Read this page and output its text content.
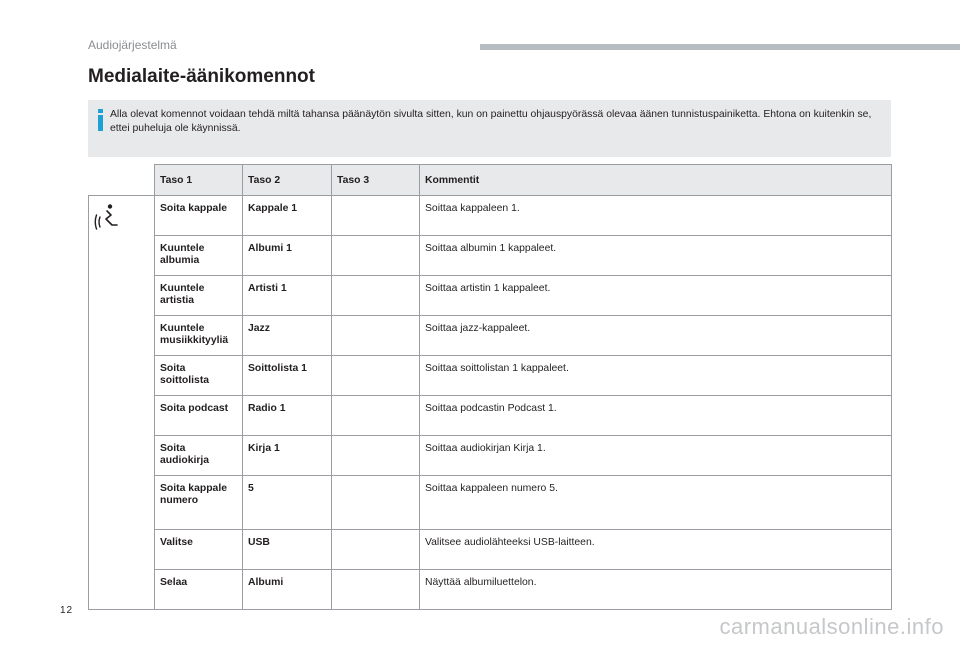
Audiojärjestelmä
Medialaite-äänikomennot
Alla olevat komennot voidaan tehdä miltä tahansa päänäytön sivulta sitten, kun on painettu ohjauspyörässä olevaa äänen tunnistuspainiketta. Ehtona on kuitenkin se, ettei puheluja ole käynnissä.
	Taso 1	Taso 2	Taso 3	Kommentit
	Soita kappale	Kappale 1		Soittaa kappaleen 1.
	Kuuntele albumia	Albumi 1		Soittaa albumin 1 kappaleet.
	Kuuntele artistia	Artisti 1		Soittaa artistin 1 kappaleet.
	Kuuntele musiikkityyliä	Jazz		Soittaa jazz-kappaleet.
	Soita soittolista	Soittolista 1		Soittaa soittolistan 1 kappaleet.
	Soita podcast	Radio 1		Soittaa podcastin Podcast 1.
	Soita audiokirja	Kirja 1		Soittaa audiokirjan Kirja 1.
	Soita kappale numero	5		Soittaa kappaleen numero 5.
	Valitse	USB		Valitsee audiolähteeksi USB-laitteen.
	Selaa	Albumi		Näyttää albumiluettelon.
12
carmanualsonline.info
